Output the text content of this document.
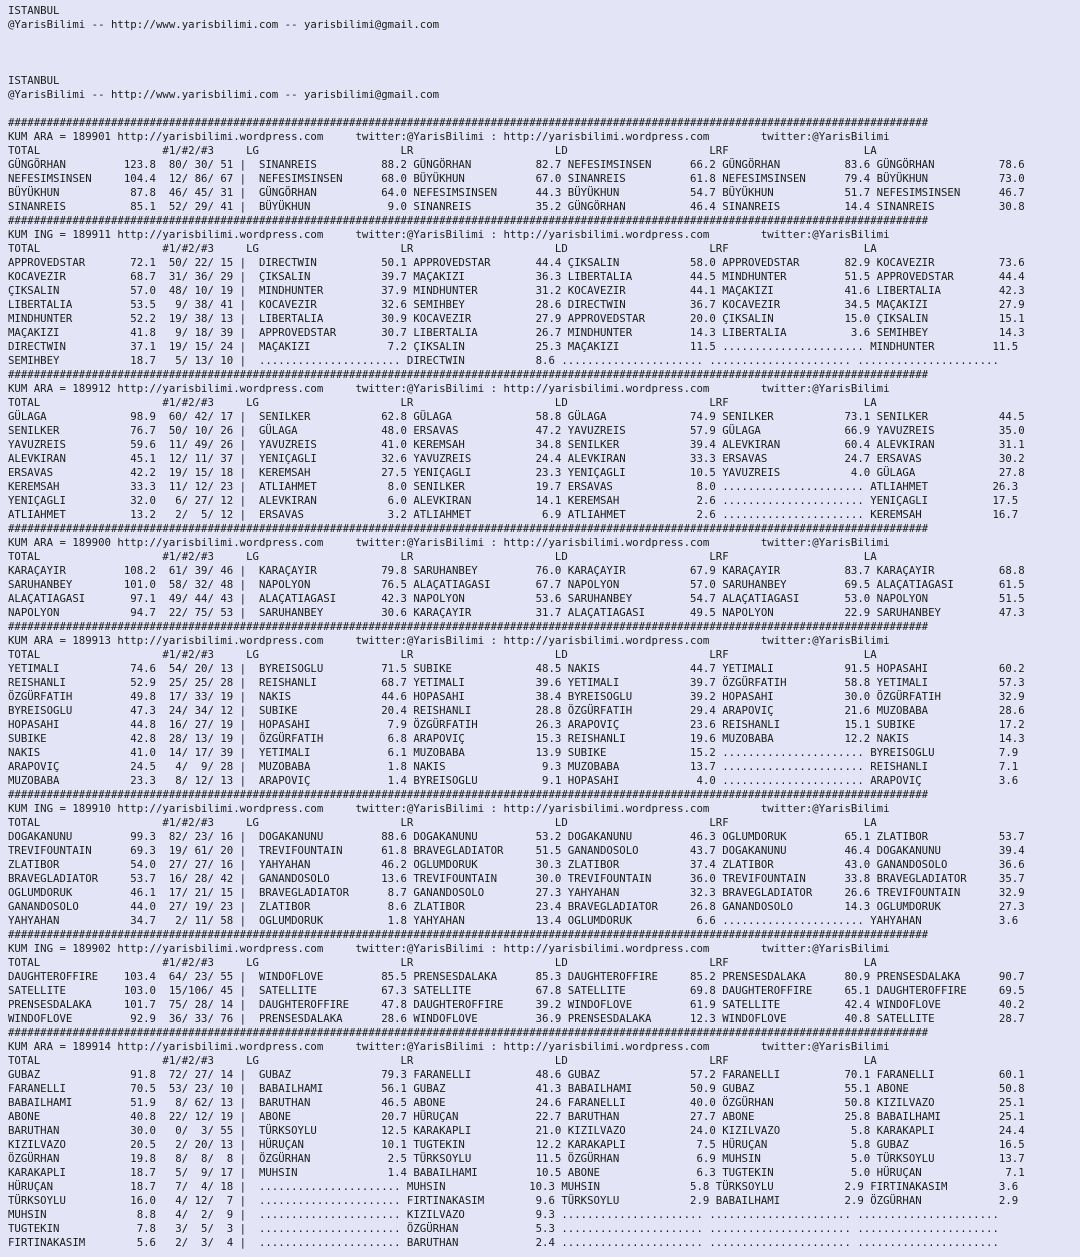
ISTANBUL
@YarisBilimi -- http://www.yarisbilimi.com -- yarisbilimi@gmail.com
ISTANBUL
@YarisBilimi -- http://www.yarisbilimi.com -- yarisbilimi@gmail.com
###############################################################################################################################################
KUM ARA = 189901 http://yarisbilimi.wordpress.com     twitter:@YarisBilimi : http://yarisbilimi.wordpress.com        twitter:@YarisBilimi
TOTAL                   #1/#2/#3     LG                      LR                      LD                      LRF                     LA
GÜNGÖRHAN         123.8  80/ 30/ 51 |  SINANREIS          88.2 GÜNGÖRHAN          82.7 NEFESIMSINSEN      66.2 GÜNGÖRHAN          83.6 GÜNGÖRHAN          78.6
NEFESIMSINSEN     104.4  12/ 86/ 67 |  NEFESIMSINSEN      68.0 BÜYÜKHUN           67.0 SINANREIS          61.8 NEFESIMSINSEN      79.4 BÜYÜKHUN           73.0
BÜYÜKHUN           87.8  46/ 45/ 31 |  GÜNGÖRHAN          64.0 NEFESIMSINSEN      44.3 BÜYÜKHUN           54.7 BÜYÜKHUN           51.7 NEFESIMSINSEN      46.7
SINANREIS          85.1  52/ 29/ 41 |  BÜYÜKHUN            9.0 SINANREIS          35.2 GÜNGÖRHAN          46.4 SINANREIS          14.4 SINANREIS          30.8
###############################################################################################################################################
KUM ING = 189911 http://yarisbilimi.wordpress.com     twitter:@YarisBilimi : http://yarisbilimi.wordpress.com        twitter:@YarisBilimi
TOTAL                   #1/#2/#3     LG                      LR                      LD                      LRF                     LA
APPROVEDSTAR       72.1  50/ 22/ 15 |  DIRECTWIN          50.1 APPROVEDSTAR       44.4 ÇIKSALIN           58.0 APPROVEDSTAR       82.9 KOCAVEZIR          73.6
KOCAVEZIR          68.7  31/ 36/ 29 |  ÇIKSALIN           39.7 MAÇAKIZI           36.3 LIBERTALIA         44.5 MINDHUNTER         51.5 APPROVEDSTAR       44.4
ÇIKSALIN           57.0  48/ 10/ 19 |  MINDHUNTER         37.9 MINDHUNTER         31.2 KOCAVEZIR          44.1 MAÇAKIZI           41.6 LIBERTALIA         42.3
LIBERTALIA         53.5   9/ 38/ 41 |  KOCAVEZIR          32.6 SEMIHBEY           28.6 DIRECTWIN          36.7 KOCAVEZIR          34.5 MAÇAKIZI           27.9
MINDHUNTER         52.2  19/ 38/ 13 |  LIBERTALIA         30.9 KOCAVEZIR          27.9 APPROVEDSTAR       20.0 ÇIKSALIN           15.0 ÇIKSALIN           15.1
MAÇAKIZI           41.8   9/ 18/ 39 |  APPROVEDSTAR       30.7 LIBERTALIA         26.7 MINDHUNTER         14.3 LIBERTALIA          3.6 SEMIHBEY           14.3
DIRECTWIN          37.1  19/ 15/ 24 |  MAÇAKIZI            7.2 ÇIKSALIN           25.3 MAÇAKIZI           11.5 ...................... MINDHUNTER         11.5
SEMIHBEY           18.7   5/ 13/ 10 |  ...................... DIRECTWIN           8.6 ...................... ...................... ......................
###############################################################################################################################################
KUM ARA = 189912 http://yarisbilimi.wordpress.com     twitter:@YarisBilimi : http://yarisbilimi.wordpress.com        twitter:@YarisBilimi
TOTAL                   #1/#2/#3     LG                      LR                      LD                      LRF                     LA
GÜLAGA             98.9  60/ 42/ 17 |  SENILKER           62.8 GÜLAGA             58.8 GÜLAGA             74.9 SENILKER           73.1 SENILKER           44.5
SENILKER           76.7  50/ 10/ 26 |  GÜLAGA             48.0 ERSAVAS            47.2 YAVUZREIS          57.9 GÜLAGA             66.9 YAVUZREIS          35.0
YAVUZREIS          59.6  11/ 49/ 26 |  YAVUZREIS          41.0 KEREMSAH           34.8 SENILKER           39.4 ALEVKIRAN          60.4 ALEVKIRAN          31.1
ALEVKIRAN          45.1  12/ 11/ 37 |  YENIÇAGLI          32.6 YAVUZREIS          24.4 ALEVKIRAN          33.3 ERSAVAS            24.7 ERSAVAS            30.2
ERSAVAS            42.2  19/ 15/ 18 |  KEREMSAH           27.5 YENIÇAGLI          23.3 YENIÇAGLI          10.5 YAVUZREIS           4.0 GÜLAGA             27.8
KEREMSAH           33.3  11/ 12/ 23 |  ATLIAHMET           8.0 SENILKER           19.7 ERSAVAS             8.0 ...................... ATLIAHMET          26.3
YENIÇAGLI          32.0   6/ 27/ 12 |  ALEVKIRAN           6.0 ALEVKIRAN          14.1 KEREMSAH            2.6 ...................... YENIÇAGLI          17.5
ATLIAHMET          13.2   2/  5/ 12 |  ERSAVAS             3.2 ATLIAHMET           6.9 ATLIAHMET           2.6 ...................... KEREMSAH           16.7
###############################################################################################################################################
KUM ARA = 189900 http://yarisbilimi.wordpress.com     twitter:@YarisBilimi : http://yarisbilimi.wordpress.com        twitter:@YarisBilimi
TOTAL                   #1/#2/#3     LG                      LR                      LD                      LRF                     LA
KARAÇAYIR         108.2  61/ 39/ 46 |  KARAÇAYIR          79.8 SARUHANBEY         76.0 KARAÇAYIR          67.9 KARAÇAYIR          83.7 KARAÇAYIR          68.8
SARUHANBEY        101.0  58/ 32/ 48 |  NAPOLYON           76.5 ALAÇATIAGASI       67.7 NAPOLYON           57.0 SARUHANBEY         69.5 ALAÇATIAGASI       61.5
ALAÇATIAGASI       97.1  49/ 44/ 43 |  ALAÇATIAGASI       42.3 NAPOLYON           53.6 SARUHANBEY         54.7 ALAÇATIAGASI       53.0 NAPOLYON           51.5
NAPOLYON           94.7  22/ 75/ 53 |  SARUHANBEY         30.6 KARAÇAYIR          31.7 ALAÇATIAGASI       49.5 NAPOLYON           22.9 SARUHANBEY         47.3
###############################################################################################################################################
KUM ARA = 189913 http://yarisbilimi.wordpress.com     twitter:@YarisBilimi : http://yarisbilimi.wordpress.com        twitter:@YarisBilimi
TOTAL                   #1/#2/#3     LG                      LR                      LD                      LRF                     LA
YETIMALI           74.6  54/ 20/ 13 |  BYREISOGLU         71.5 SUBIKE             48.5 NAKIS              44.7 YETIMALI           91.5 HOPASAHI           60.2
REISHANLI          52.9  25/ 25/ 28 |  REISHANLI          68.7 YETIMALI           39.6 YETIMALI           39.7 ÖZGÜRFATIH         58.8 YETIMALI           57.3
ÖZGÜRFATIH         49.8  17/ 33/ 19 |  NAKIS              44.6 HOPASAHI           38.4 BYREISOGLU         39.2 HOPASAHI           30.0 ÖZGÜRFATIH         32.9
BYREISOGLU         47.3  24/ 34/ 12 |  SUBIKE             20.4 REISHANLI          28.8 ÖZGÜRFATIH         29.4 ARAPOVIÇ           21.6 MUZOBABA           28.6
HOPASAHI           44.8  16/ 27/ 19 |  HOPASAHI            7.9 ÖZGÜRFATIH         26.3 ARAPOVIÇ           23.6 REISHANLI          15.1 SUBIKE             17.2
SUBIKE             42.8  28/ 13/ 19 |  ÖZGÜRFATIH          6.8 ARAPOVIÇ           15.3 REISHANLI          19.6 MUZOBABA           12.2 NAKIS              14.3
NAKIS              41.0  14/ 17/ 39 |  YETIMALI            6.1 MUZOBABA           13.9 SUBIKE             15.2 ...................... BYREISOGLU          7.9
ARAPOVIÇ           24.5   4/  9/ 28 |  MUZOBABA            1.8 NAKIS               9.3 MUZOBABA           13.7 ...................... REISHANLI           7.1
MUZOBABA           23.3   8/ 12/ 13 |  ARAPOVIÇ            1.4 BYREISOGLU          9.1 HOPASAHI            4.0 ...................... ARAPOVIÇ            3.6
###############################################################################################################################################
KUM ING = 189910 http://yarisbilimi.wordpress.com     twitter:@YarisBilimi : http://yarisbilimi.wordpress.com        twitter:@YarisBilimi
TOTAL                   #1/#2/#3     LG                      LR                      LD                      LRF                     LA
DOGAKANUNU         99.3  82/ 23/ 16 |  DOGAKANUNU         88.6 DOGAKANUNU         53.2 DOGAKANUNU         46.3 OGLUMDORUK         65.1 ZLATIBOR           53.7
TREVIFOUNTAIN      69.3  19/ 61/ 20 |  TREVIFOUNTAIN      61.8 BRAVEGLADIATOR     51.5 GANANDOSOLO        43.7 DOGAKANUNU         46.4 DOGAKANUNU         39.4
ZLATIBOR           54.0  27/ 27/ 16 |  YAHYAHAN           46.2 OGLUMDORUK         30.3 ZLATIBOR           37.4 ZLATIBOR           43.0 GANANDOSOLO        36.6
BRAVEGLADIATOR     53.7  16/ 28/ 42 |  GANANDOSOLO        13.6 TREVIFOUNTAIN      30.0 TREVIFOUNTAIN      36.0 TREVIFOUNTAIN      33.8 BRAVEGLADIATOR     35.7
OGLUMDORUK         46.1  17/ 21/ 15 |  BRAVEGLADIATOR      8.7 GANANDOSOLO        27.3 YAHYAHAN           32.3 BRAVEGLADIATOR     26.6 TREVIFOUNTAIN      32.9
GANANDOSOLO        44.0  27/ 19/ 23 |  ZLATIBOR            8.6 ZLATIBOR           23.4 BRAVEGLADIATOR     26.8 GANANDOSOLO        14.3 OGLUMDORUK         27.3
YAHYAHAN           34.7   2/ 11/ 58 |  OGLUMDORUK          1.8 YAHYAHAN           13.4 OGLUMDORUK          6.6 ...................... YAHYAHAN            3.6
###############################################################################################################################################
KUM ING = 189902 http://yarisbilimi.wordpress.com     twitter:@YarisBilimi : http://yarisbilimi.wordpress.com        twitter:@YarisBilimi
TOTAL                   #1/#2/#3     LG                      LR                      LD                      LRF                     LA
DAUGHTEROFFIRE    103.4  64/ 23/ 55 |  WINDOFLOVE         85.5 PRENSESDALAKA      85.3 DAUGHTEROFFIRE     85.2 PRENSESDALAKA      80.9 PRENSESDALAKA      90.7
SATELLITE         103.0  15/106/ 45 |  SATELLITE          67.3 SATELLITE          67.8 SATELLITE          69.8 DAUGHTEROFFIRE     65.1 DAUGHTEROFFIRE     69.5
PRENSESDALAKA     101.7  75/ 28/ 14 |  DAUGHTEROFFIRE     47.8 DAUGHTEROFFIRE     39.2 WINDOFLOVE         61.9 SATELLITE          42.4 WINDOFLOVE         40.2
WINDOFLOVE         92.9  36/ 33/ 76 |  PRENSESDALAKA      28.6 WINDOFLOVE         36.9 PRENSESDALAKA      12.3 WINDOFLOVE         40.8 SATELLITE          28.7
###############################################################################################################################################
KUM ARA = 189914 http://yarisbilimi.wordpress.com     twitter:@YarisBilimi : http://yarisbilimi.wordpress.com        twitter:@YarisBilimi
TOTAL                   #1/#2/#3     LG                      LR                      LD                      LRF                     LA
GUBAZ              91.8  72/ 27/ 14 |  GUBAZ              79.3 FARANELLI          48.6 GUBAZ              57.2 FARANELLI          70.1 FARANELLI          60.1
FARANELLI          70.5  53/ 23/ 10 |  BABAILHAMI         56.1 GUBAZ              41.3 BABAILHAMI         50.9 GUBAZ              55.1 ABONE              50.8
BABAILHAMI         51.9   8/ 62/ 13 |  BARUTHAN           46.5 ABONE              24.6 FARANELLI          40.0 ÖZGÜRHAN           50.8 KIZILVAZO          25.1
ABONE              40.8  22/ 12/ 19 |  ABONE              20.7 HÜRUÇAN            22.7 BARUTHAN           27.7 ABONE              25.8 BABAILHAMI         25.1
BARUTHAN           30.0   0/  3/ 55 |  TÜRKSOYLU          12.5 KARAKAPLI          21.0 KIZILVAZO          24.0 KIZILVAZO           5.8 KARAKAPLI          24.4
KIZILVAZO          20.5   2/ 20/ 13 |  HÜRUÇAN            10.1 TUGTEKIN           12.2 KARAKAPLI           7.5 HÜRUÇAN             5.8 GUBAZ              16.5
ÖZGÜRHAN           19.8   8/  8/  8 |  ÖZGÜRHAN            2.5 TÜRKSOYLU          11.5 ÖZGÜRHAN            6.9 MUHSIN              5.0 TÜRKSOYLU          13.7
KARAKAPLI          18.7   5/  9/ 17 |  MUHSIN              1.4 BABAILHAMI         10.5 ABONE               6.3 TUGTEKIN            5.0 HÜRUÇAN             7.1
HÜRUÇAN            18.7   7/  4/ 18 |  ...................... MUHSIN             10.3 MUHSIN              5.8 TÜRKSOYLU           2.9 FIRTINAKASIM        3.6
TÜRKSOYLU          16.0   4/ 12/  7 |  ...................... FIRTINAKASIM        9.6 TÜRKSOYLU           2.9 BABAILHAMI          2.9 ÖZGÜRHAN            2.9
MUHSIN              8.8   4/  2/  9 |  ...................... KIZILVAZO           9.3 ...................... ...................... ......................
TUGTEKIN            7.8   3/  5/  3 |  ...................... ÖZGÜRHAN            5.3 ...................... ...................... ......................
FIRTINAKASIM        5.6   2/  3/  4 |  ...................... BARUTHAN            2.4 ...................... ...................... ......................
